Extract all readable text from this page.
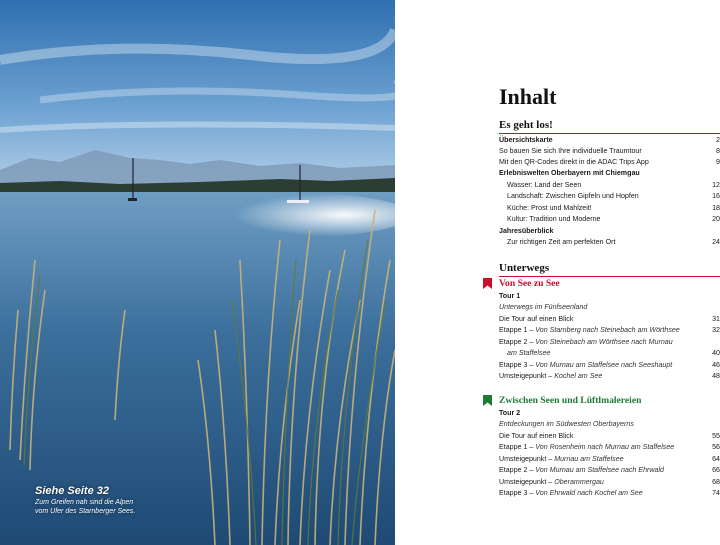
Siehe Seite 32
Zum Greifen nah sind die Alpen
vom Ufer des Starnberger Sees.
Inhalt
Es geht los!
Übersichtskarte	2
So bauen Sie sich Ihre individuelle Traumtour	8
Mit den QR-Codes direkt in die ADAC Trips App	9
Erlebniswelten Oberbayern mit Chiemgau
Wasser: Land der Seen	12
Landschaft: Zwischen Gipfeln und Hopfen	16
Küche: Prost und Mahlzeit!	18
Kultur: Tradition und Moderne	20
Jahresüberblick
Zur richtigen Zeit am perfekten Ort	24
Unterwegs
Von See zu See
Tour 1
Unterwegs im Fünfseenland
Die Tour auf einen Blick	31
Etappe 1 – Von Starnberg nach Steinebach am Wörthsee	32
Etappe 2 – Von Steinebach am Wörthsee nach Murnau
am Staffelsee	40
Etappe 3 – Von Murnau am Staffelsee nach Seeshaupt	46
Umsteigepunkt – Kochel am See	48
Zwischen Seen und Lüftlmalereien
Tour 2
Entdeckungen im Südwesten Oberbayerns
Die Tour auf einen Blick	55
Etappe 1 – Von Rosenheim nach Murnau am Staffelsee	56
Umsteigepunkt – Murnau am Staffelsee	64
Etappe 2 – Von Murnau am Staffelsee nach Ehrwald	66
Umsteigepunkt – Oberammergau	68
Etappe 3 – Von Ehrwald nach Kochel am See	74
